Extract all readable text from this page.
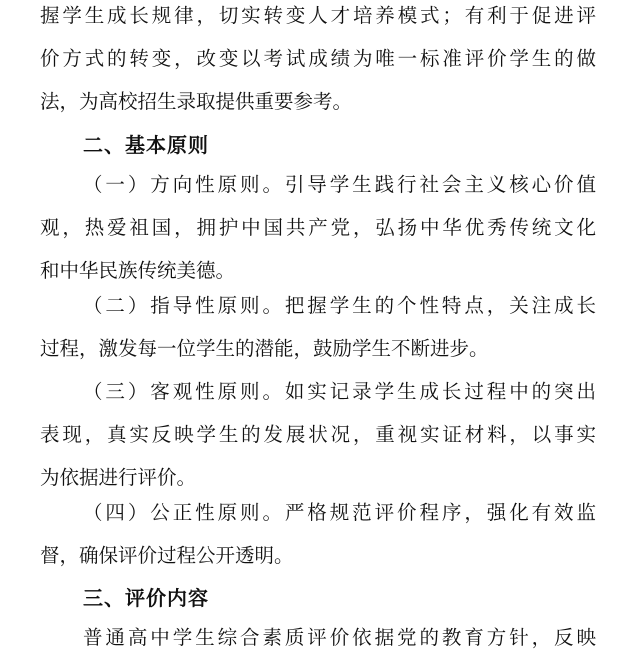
握学生成长规律，切实转变人才培养模式；有利于促进评
价方式的转变，改变以考试成绩为唯一标准评价学生的做
法，为高校招生录取提供重要参考。
二、基本原则
（一）方向性原则。引导学生践行社会主义核心价值
观，热爱祖国，拥护中国共产党，弘扬中华优秀传统文化
和中华民族传统美德。
（二）指导性原则。把握学生的个性特点，关注成长
过程，激发每一位学生的潜能，鼓励学生不断进步。
（三）客观性原则。如实记录学生成长过程中的突出
表现，真实反映学生的发展状况，重视实证材料，以事实
为依据进行评价。
（四）公正性原则。严格规范评价程序，强化有效监
督，确保评价过程公开透明。
三、评价内容
普通高中学生综合素质评价依据党的教育方针，反映
